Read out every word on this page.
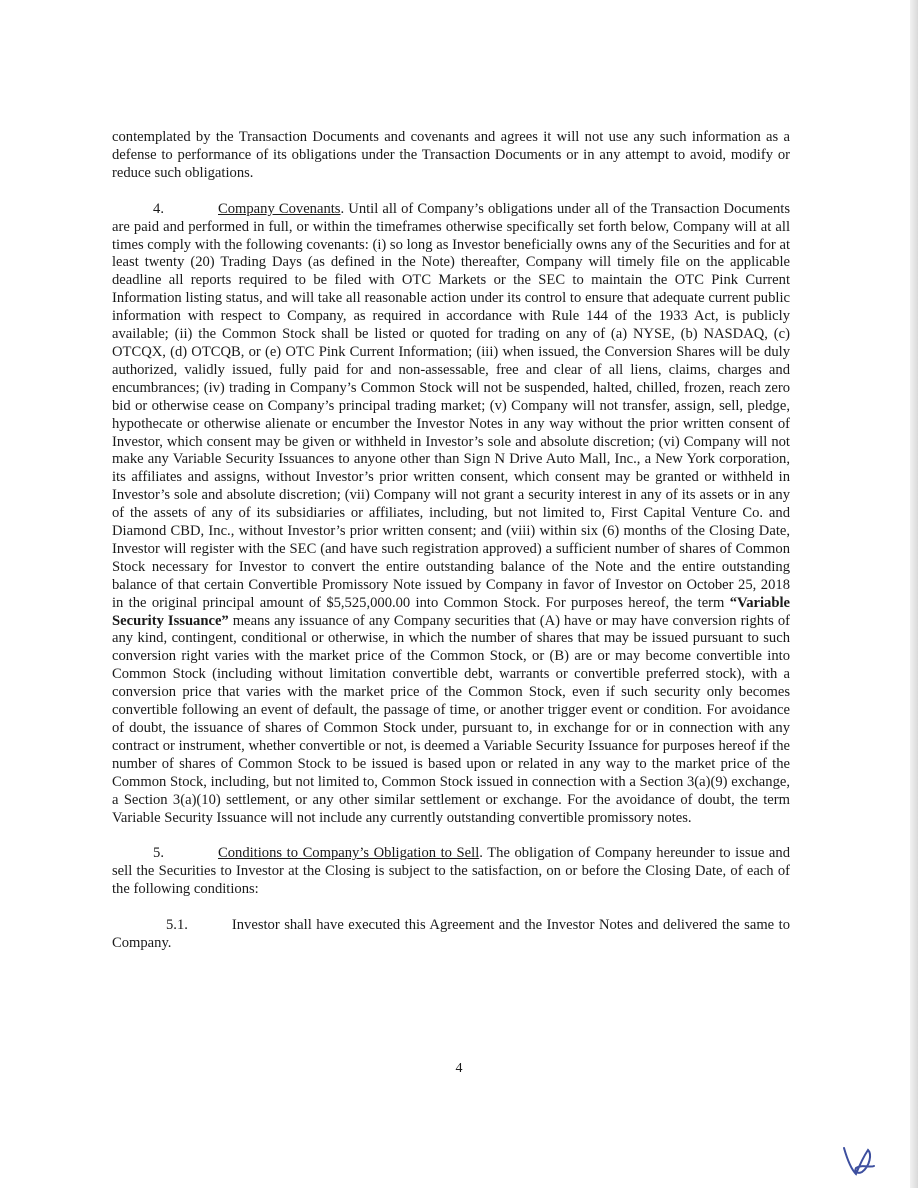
contemplated by the Transaction Documents and covenants and agrees it will not use any such information as a defense to performance of its obligations under the Transaction Documents or in any attempt to avoid, modify or reduce such obligations.

4.	Company Covenants. Until all of Company’s obligations under all of the Transaction Documents are paid and performed in full, or within the timeframes otherwise specifically set forth below, Company will at all times comply with the following covenants: (i) so long as Investor beneficially owns any of the Securities and for at least twenty (20) Trading Days (as defined in the Note) thereafter, Company will timely file on the applicable deadline all reports required to be filed with OTC Markets or the SEC to maintain the OTC Pink Current Information listing status, and will take all reasonable action under its control to ensure that adequate current public information with respect to Company, as required in accordance with Rule 144 of the 1933 Act, is publicly available; (ii) the Common Stock shall be listed or quoted for trading on any of (a) NYSE, (b) NASDAQ, (c) OTCQX, (d) OTCQB, or (e) OTC Pink Current Information; (iii) when issued, the Conversion Shares will be duly authorized, validly issued, fully paid for and non-assessable, free and clear of all liens, claims, charges and encumbrances; (iv) trading in Company’s Common Stock will not be suspended, halted, chilled, frozen, reach zero bid or otherwise cease on Company’s principal trading market; (v) Company will not transfer, assign, sell, pledge, hypothecate or otherwise alienate or encumber the Investor Notes in any way without the prior written consent of Investor, which consent may be given or withheld in Investor’s sole and absolute discretion; (vi) Company will not make any Variable Security Issuances to anyone other than Sign N Drive Auto Mall, Inc., a New York corporation, its affiliates and assigns, without Investor’s prior written consent, which consent may be granted or withheld in Investor’s sole and absolute discretion; (vii) Company will not grant a security interest in any of its assets or in any of the assets of any of its subsidiaries or affiliates, including, but not limited to, First Capital Venture Co. and Diamond CBD, Inc., without Investor’s prior written consent; and (viii) within six (6) months of the Closing Date, Investor will register with the SEC (and have such registration approved) a sufficient number of shares of Common Stock necessary for Investor to convert the entire outstanding balance of the Note and the entire outstanding balance of that certain Convertible Promissory Note issued by Company in favor of Investor on October 25, 2018 in the original principal amount of $5,525,000.00 into Common Stock. For purposes hereof, the term “Variable Security Issuance” means any issuance of any Company securities that (A) have or may have conversion rights of any kind, contingent, conditional or otherwise, in which the number of shares that may be issued pursuant to such conversion right varies with the market price of the Common Stock, or (B) are or may become convertible into Common Stock (including without limitation convertible debt, warrants or convertible preferred stock), with a conversion price that varies with the market price of the Common Stock, even if such security only becomes convertible following an event of default, the passage of time, or another trigger event or condition. For avoidance of doubt, the issuance of shares of Common Stock under, pursuant to, in exchange for or in connection with any contract or instrument, whether convertible or not, is deemed a Variable Security Issuance for purposes hereof if the number of shares of Common Stock to be issued is based upon or related in any way to the market price of the Common Stock, including, but not limited to, Common Stock issued in connection with a Section 3(a)(9) exchange, a Section 3(a)(10) settlement, or any other similar settlement or exchange. For the avoidance of doubt, the term Variable Security Issuance will not include any currently outstanding convertible promissory notes.

5.	Conditions to Company’s Obligation to Sell. The obligation of Company hereunder to issue and sell the Securities to Investor at the Closing is subject to the satisfaction, on or before the Closing Date, of each of the following conditions:

5.1.	Investor shall have executed this Agreement and the Investor Notes and delivered the same to Company.

4
